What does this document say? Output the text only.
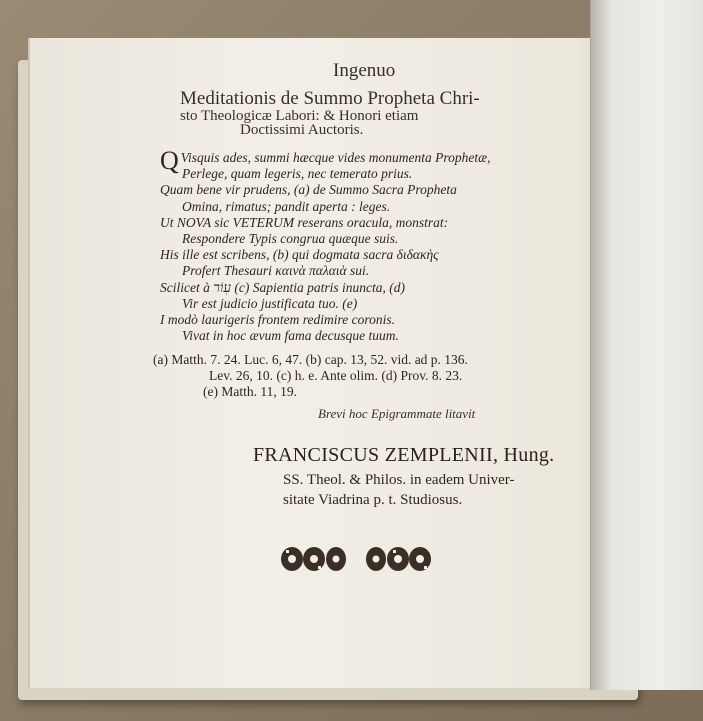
Ingenuo
Meditationis de Summo Propheta Chri-
sto Theologicæ Labori: & Honori etiam
Doctissimi Auctoris.
Q Visquis ades, summi hæcque vides monumenta Prophetæ,
Perlege, quam legeris, nec temerato prius.
Quam bene vir prudens, (a) de Summo Sacra Propheta
Omina, rimatus; pandit aperta : leges.
Ut NOVA sic VETERUM reserans oracula, monstrat:
Respondere Typis congrua quæque suis.
His ille est scribens, (b) qui dogmata sacra διδακὴς
Profert Thesauri καινὰ παλαιὰ sui.
Scilicet à עִוֹר (c) Sapientia patris inuncta, (d)
Vir est judicio justificata tuo. (e)
I modò laurigeris frontem redimire coronis.
Vivat in hoc ævum fama decusque tuum.
(a) Matth. 7. 24. Luc. 6, 47. (b) cap. 13, 52. vid. ad p. 136.
Lev. 26, 10. (c) h. e. Ante olim. (d) Prov. 8. 23.
(e) Matth. 11, 19.
Brevi hoc Epigrammate litavit
FRANCISCUS ZEMPLENII, Hung.
SS. Theol. & Philos. in eadem Univer-
sitate Viadrina p. t. Studiosus.
